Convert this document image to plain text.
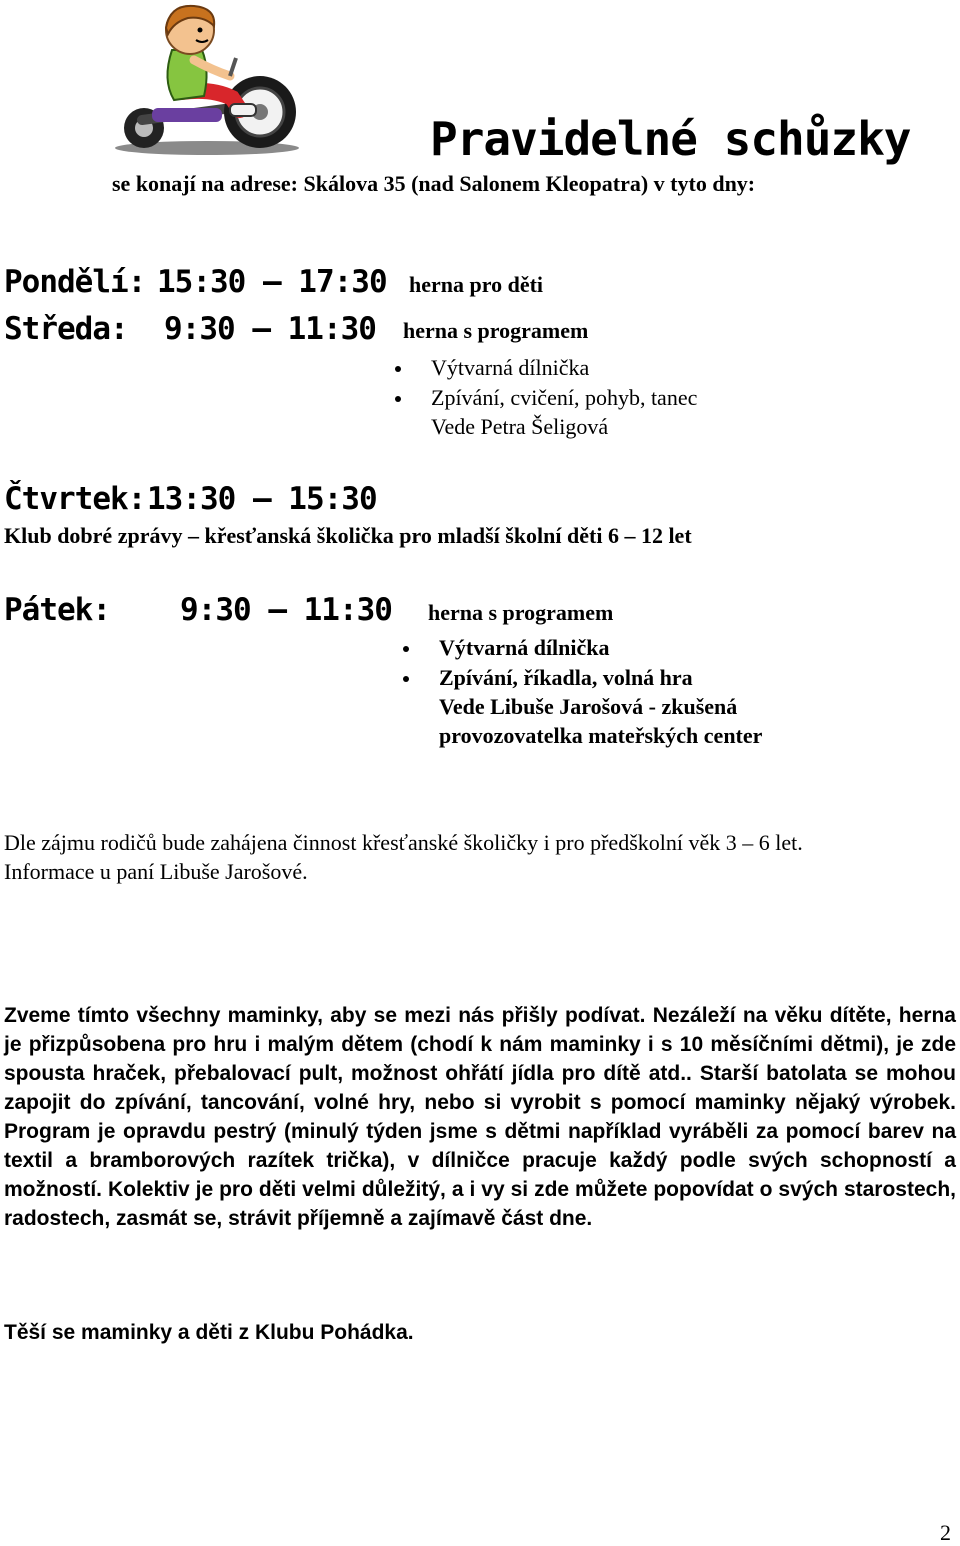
Pravidelné schůzky
se konají na adrese: Skálova 35 (nad Salonem Kleopatra) v tyto dny:
Pondělí: 15:30 – 17:30 herna pro děti
Středa: 9:30 – 11:30 herna s programem
Výtvarná dílnička
Zpívání, cvičení, pohyb, tanec
Vede Petra Šeligová
Čtvrtek: 13:30 – 15:30
Klub dobré zprávy – křesťanská školička pro mladší školní děti 6 – 12 let
Pátek: 9:30 – 11:30 herna s programem
Výtvarná dílnička
Zpívání, říkadla, volná hra
Vede Libuše Jarošová - zkušená
provozovatelka mateřských center
Dle zájmu rodičů bude zahájena činnost křesťanské školičky i pro předškolní věk 3 – 6 let.
Informace u paní Libuše Jarošové.
Zveme tímto všechny maminky, aby se mezi nás přišly podívat. Nezáleží na věku dítěte, herna je přizpůsobena pro hru i malým dětem (chodí k nám maminky i s 10 měsíčními dětmi), je zde spousta hraček, přebalovací pult, možnost ohřátí jídla pro dítě atd.. Starší batolata se mohou zapojit do zpívání, tancování, volné hry, nebo si vyrobit s pomocí maminky nějaký výrobek. Program je opravdu pestrý (minulý týden jsme s dětmi například vyráběli za pomocí barev na textil a bramborových razítek trička), v dílničce pracuje každý podle svých schopností a možností. Kolektiv je pro děti velmi důležitý, a i vy si zde můžete popovídat o svých starostech, radostech, zasmát se, strávit příjemně a zajímavě část dne.
Těší se maminky a děti z Klubu Pohádka.
2
